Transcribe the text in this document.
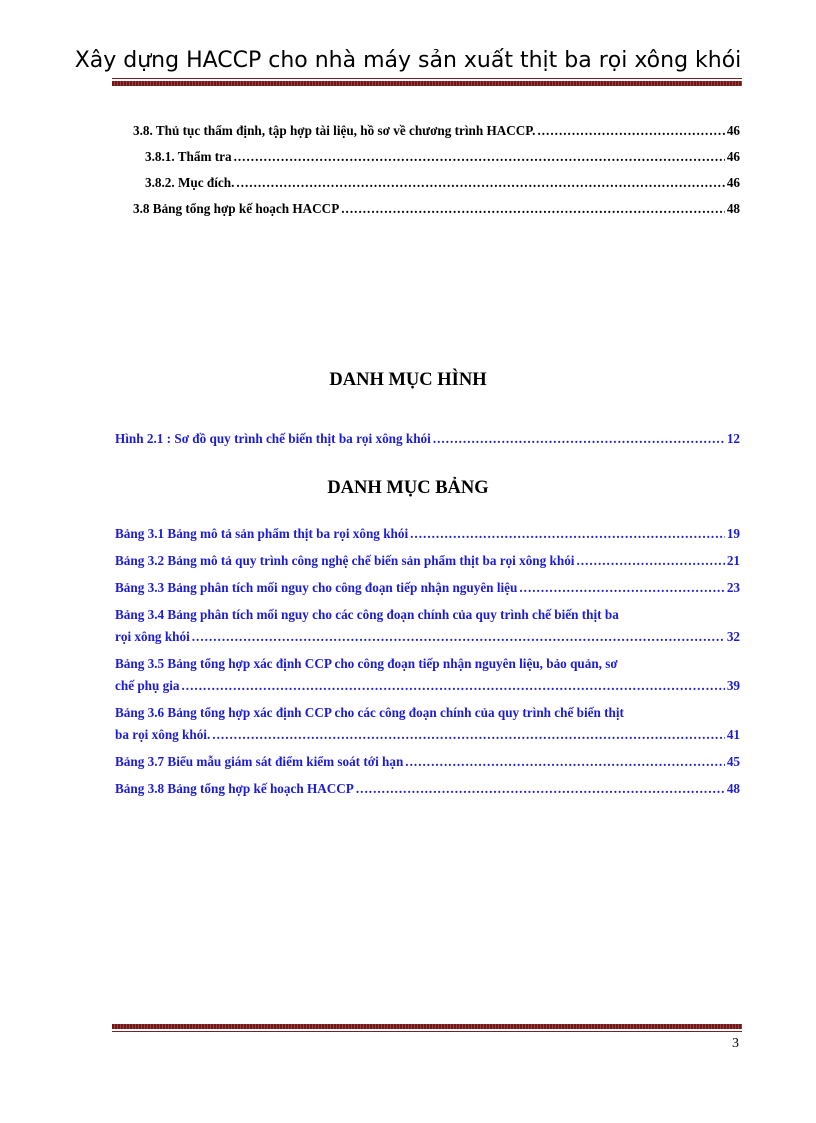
Xây dựng HACCP cho nhà máy sản xuất thịt ba rọi xông khói
3.8. Thủ tục thẩm định, tập hợp tài liệu, hồ sơ về chương trình HACCP. .....	46
3.8.1. Thẩm tra .....	46
3.8.2. Mục đích. .....	46
3.8 Bảng tổng hợp kế hoạch HACCP .....	48
DANH MỤC HÌNH
Hình 2.1 : Sơ đồ quy trình chế biến thịt ba rọi xông khói .....	12
DANH MỤC BẢNG
Bảng 3.1 Bảng mô tả sản phẩm thịt ba rọi xông khói .....	19
Bảng 3.2 Bảng mô tả quy trình công nghệ chế biến sản phẩm thịt ba rọi xông khói .....	21
Bảng 3.3 Bảng phân tích mối nguy cho công đoạn tiếp nhận nguyên liệu .....	23
Bảng 3.4 Bảng phân tích mối nguy cho các công đoạn chính của quy trình chế biến thịt ba
rọi xông khói .....	32
Bảng 3.5 Bảng tổng hợp xác định CCP cho công đoạn tiếp nhận nguyên liệu, bảo quản, sơ
chế phụ gia .....	39
Bảng 3.6 Bảng tổng hợp xác định CCP cho các công đoạn chính của quy trình chế biến thịt
ba rọi xông khói. .....	41
Bảng 3.7 Biểu mẫu giám sát điểm kiểm soát tới hạn .....	45
Bảng 3.8 Bảng tổng hợp kế hoạch HACCP .....	48
3
